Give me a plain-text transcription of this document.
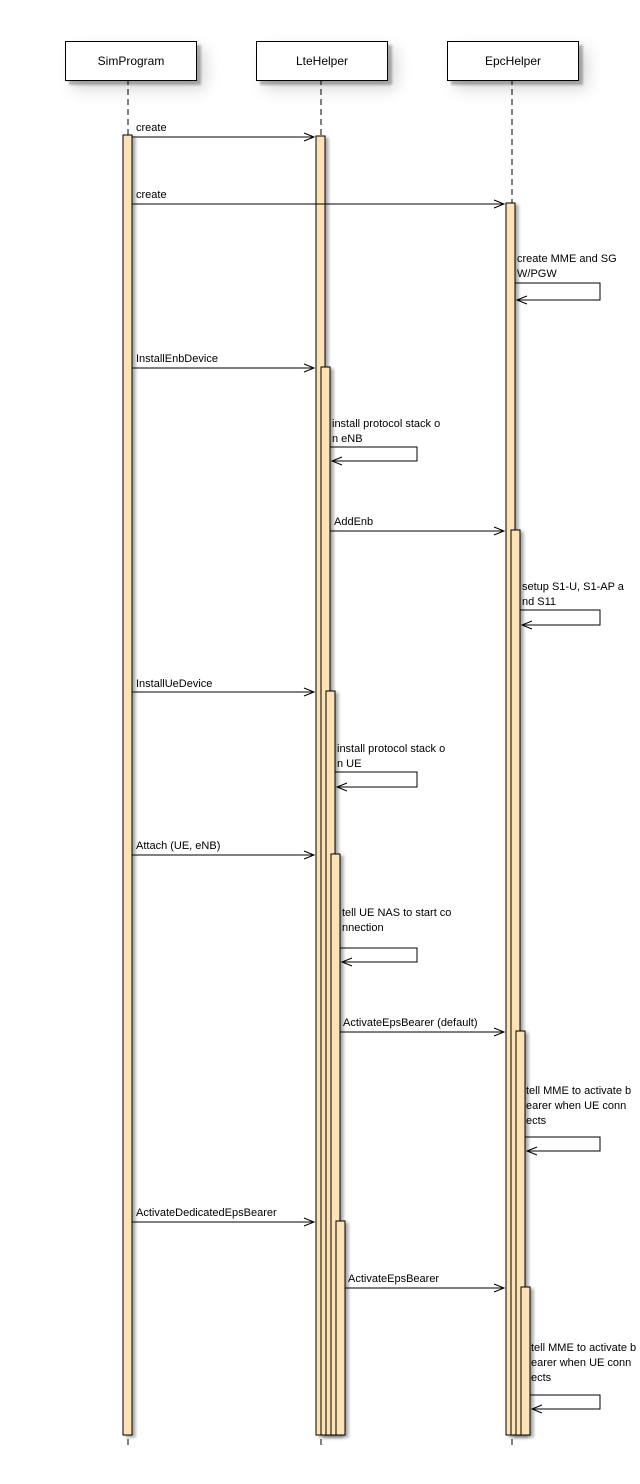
SimProgram	LteHelper	EpcHelper
create
create
InstallEnbDevice
AddEnb
InstallUeDevice
Attach (UE, eNB)
ActivateEpsBearer (default)
ActivateDedicatedEpsBearer
ActivateEpsBearer
create MME and SG
W/PGW
install protocol stack o
n eNB
setup S1-U, S1-AP a
nd S11
install protocol stack o
n UE
tell UE NAS to start co
nnection
tell MME to activate b
earer when UE conn
ects
tell MME to activate b
earer when UE conn
ects
